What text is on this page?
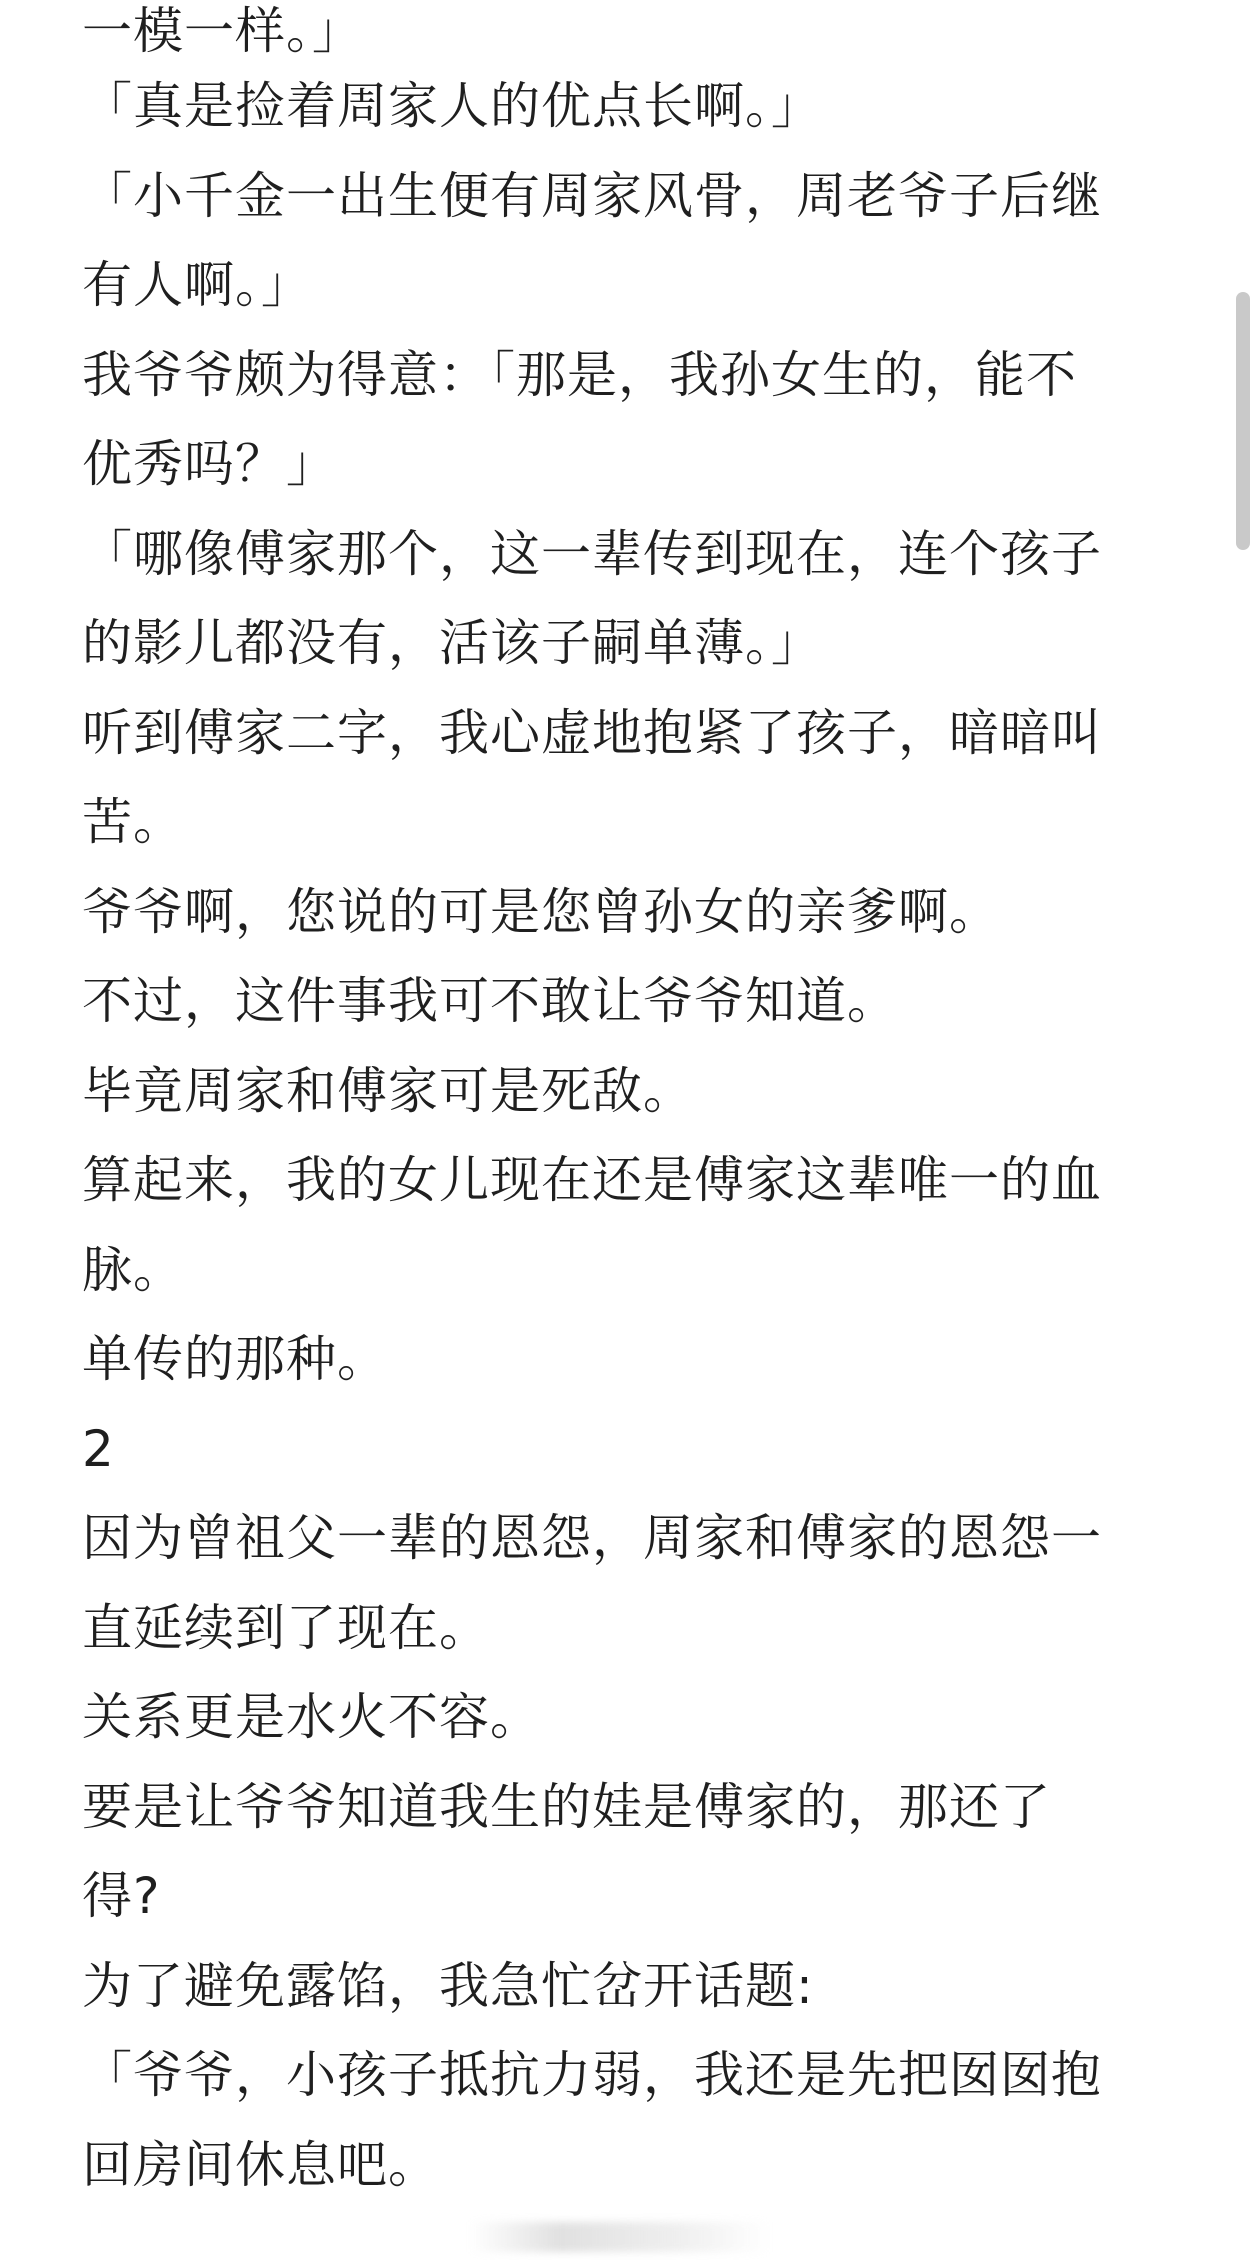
一模一样。」
「真是捡着周家人的优点长啊。」
「小千金一出生便有周家风骨，周老爷子后继
有人啊。」
我爷爷颇为得意：「那是，我孙女生的，能不
优秀吗？」
「哪像傅家那个，这一辈传到现在，连个孩子
的影儿都没有，活该子嗣单薄。」
听到傅家二字，我心虚地抱紧了孩子，暗暗叫
苦。
爷爷啊，您说的可是您曾孙女的亲爹啊。
不过，这件事我可不敢让爷爷知道。
毕竟周家和傅家可是死敌。
算起来，我的女儿现在还是傅家这辈唯一的血
脉。
单传的那种。
2
因为曾祖父一辈的恩怨，周家和傅家的恩怨一
直延续到了现在。
关系更是水火不容。
要是让爷爷知道我生的娃是傅家的，那还了
得?
为了避免露馅，我急忙岔开话题:
「爷爷，小孩子抵抗力弱，我还是先把囡囡抱
回房间休息吧。
